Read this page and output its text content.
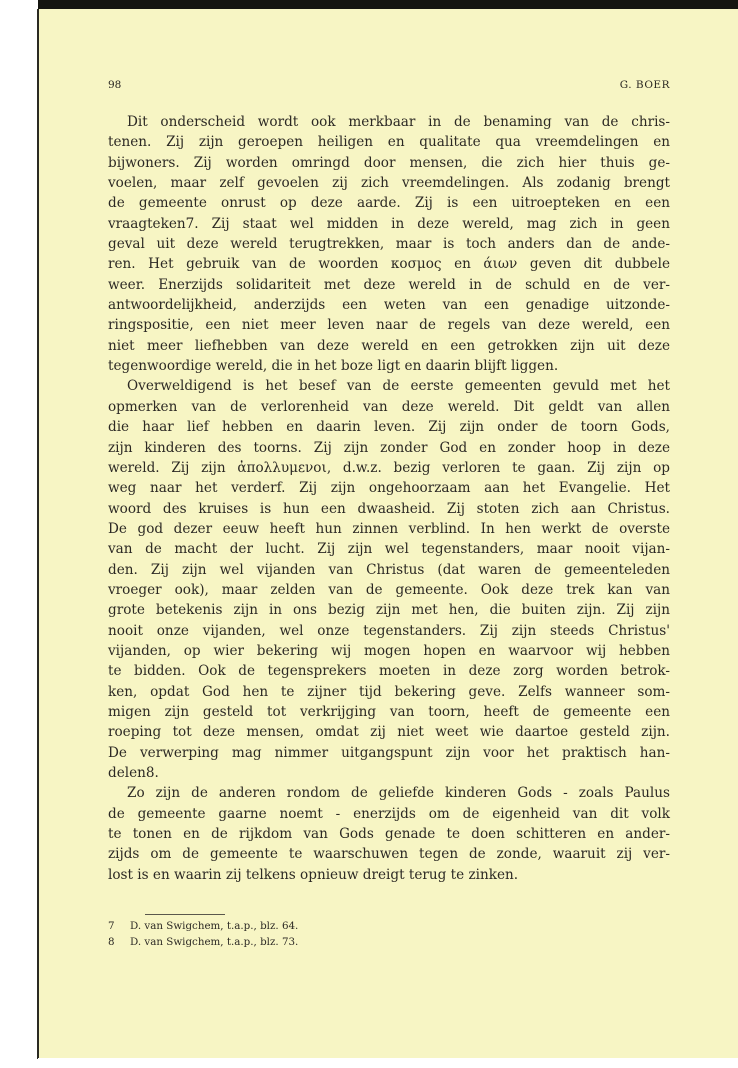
98	G. BOER

Dit onderscheid wordt ook merkbaar in de benaming van de chris-
tenen. Zij zijn geroepen heiligen en qualitate qua vreemdelingen en
bijwoners. Zij worden omringd door mensen, die zich hier thuis ge-
voelen, maar zelf gevoelen zij zich vreemdelingen. Als zodanig brengt
de gemeente onrust op deze aarde. Zij is een uitroepteken en een
vraagteken7. Zij staat wel midden in deze wereld, mag zich in geen
geval uit deze wereld terugtrekken, maar is toch anders dan de ande-
ren. Het gebruik van de woorden κοσμος en άιων geven dit dubbele
weer. Enerzijds solidariteit met deze wereld in de schuld en de ver-
antwoordelijkheid, anderzijds een weten van een genadige uitzonde-
ringspositie, een niet meer leven naar de regels van deze wereld, een
niet meer liefhebben van deze wereld en een getrokken zijn uit deze
tegenwoordige wereld, die in het boze ligt en daarin blijft liggen.

Overweldigend is het besef van de eerste gemeenten gevuld met het
opmerken van de verlorenheid van deze wereld. Dit geldt van allen
die haar lief hebben en daarin leven. Zij zijn onder de toorn Gods,
zijn kinderen des toorns. Zij zijn zonder God en zonder hoop in deze
wereld. Zij zijn ἀπολλυμενοι, d.w.z. bezig verloren te gaan. Zij zijn op
weg naar het verderf. Zij zijn ongehoorzaam aan het Evangelie. Het
woord des kruises is hun een dwaasheid. Zij stoten zich aan Christus.
De god dezer eeuw heeft hun zinnen verblind. In hen werkt de overste
van de macht der lucht. Zij zijn wel tegenstanders, maar nooit vijan-
den. Zij zijn wel vijanden van Christus (dat waren de gemeenteleden
vroeger ook), maar zelden van de gemeente. Ook deze trek kan van
grote betekenis zijn in ons bezig zijn met hen, die buiten zijn. Zij zijn
nooit onze vijanden, wel onze tegenstanders. Zij zijn steeds Christus'
vijanden, op wier bekering wij mogen hopen en waarvoor wij hebben
te bidden. Ook de tegensprekers moeten in deze zorg worden betrok-
ken, opdat God hen te zijner tijd bekering geve. Zelfs wanneer som-
migen zijn gesteld tot verkrijging van toorn, heeft de gemeente een
roeping tot deze mensen, omdat zij niet weet wie daartoe gesteld zijn.
De verwerping mag nimmer uitgangspunt zijn voor het praktisch han-
delen8.

Zo zijn de anderen rondom de geliefde kinderen Gods - zoals Paulus
de gemeente gaarne noemt - enerzijds om de eigenheid van dit volk
te tonen en de rijkdom van Gods genade te doen schitteren en ander-
zijds om de gemeente te waarschuwen tegen de zonde, waaruit zij ver-
lost is en waarin zij telkens opnieuw dreigt terug te zinken.

7 D. van Swigchem, t.a.p., blz. 64.
8 D. van Swigchem, t.a.p., blz. 73.
